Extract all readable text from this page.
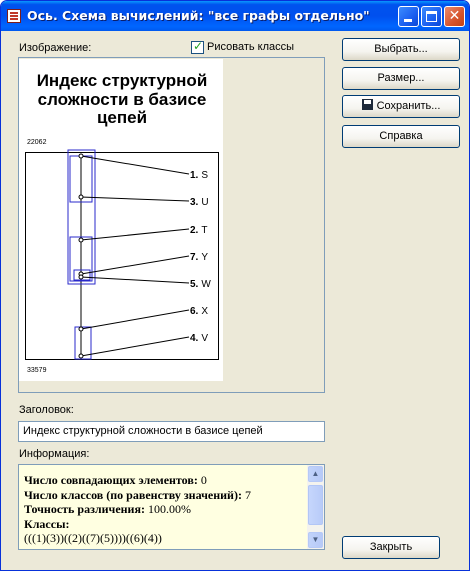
Ось. Схема вычислений: "все графы отдельно"	✕
Изображение:	✓ Рисовать классы
Индекс структурной
сложности в базисе
цепей
22062
33579
1. S
3. U
2. T
7. Y
5. W
6. X
4. V
Заголовок:
Индекс структурной сложности в базисе цепей
Информация:
Число совпадающих элементов: 0
Число классов (по равенству значений): 7
Точность различения: 100.00%
Классы:
(((1)(3))((2)((7)(5))))((6)(4))
▲
▼
Выбрать...
Размер...
Сохранить...
Справка
Закрыть
